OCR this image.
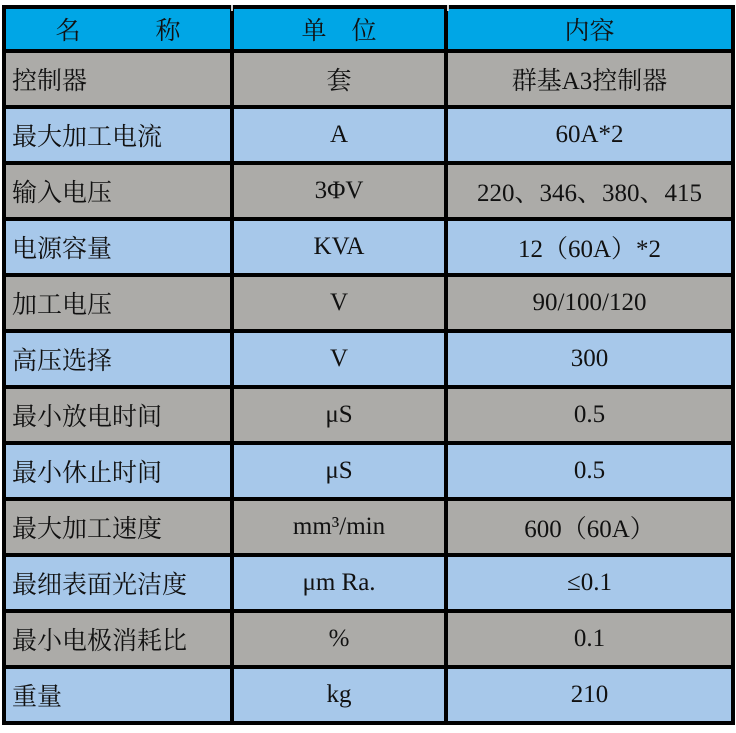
名　　　称	单　位	内容
控制器	套	群基A3控制器
最大加工电流	A	60A*2
输入电压	3ΦV	220、346、380、415
电源容量	KVA	12（60A）*2
加工电压	V	90/100/120
高压选择	V	300
最小放电时间	μS	0.5
最小休止时间	μS	0.5
最大加工速度	mm³/min	600（60A）
最细表面光洁度	μm Ra.	≤0.1
最小电极消耗比	%	0.1
重量	kg	210
